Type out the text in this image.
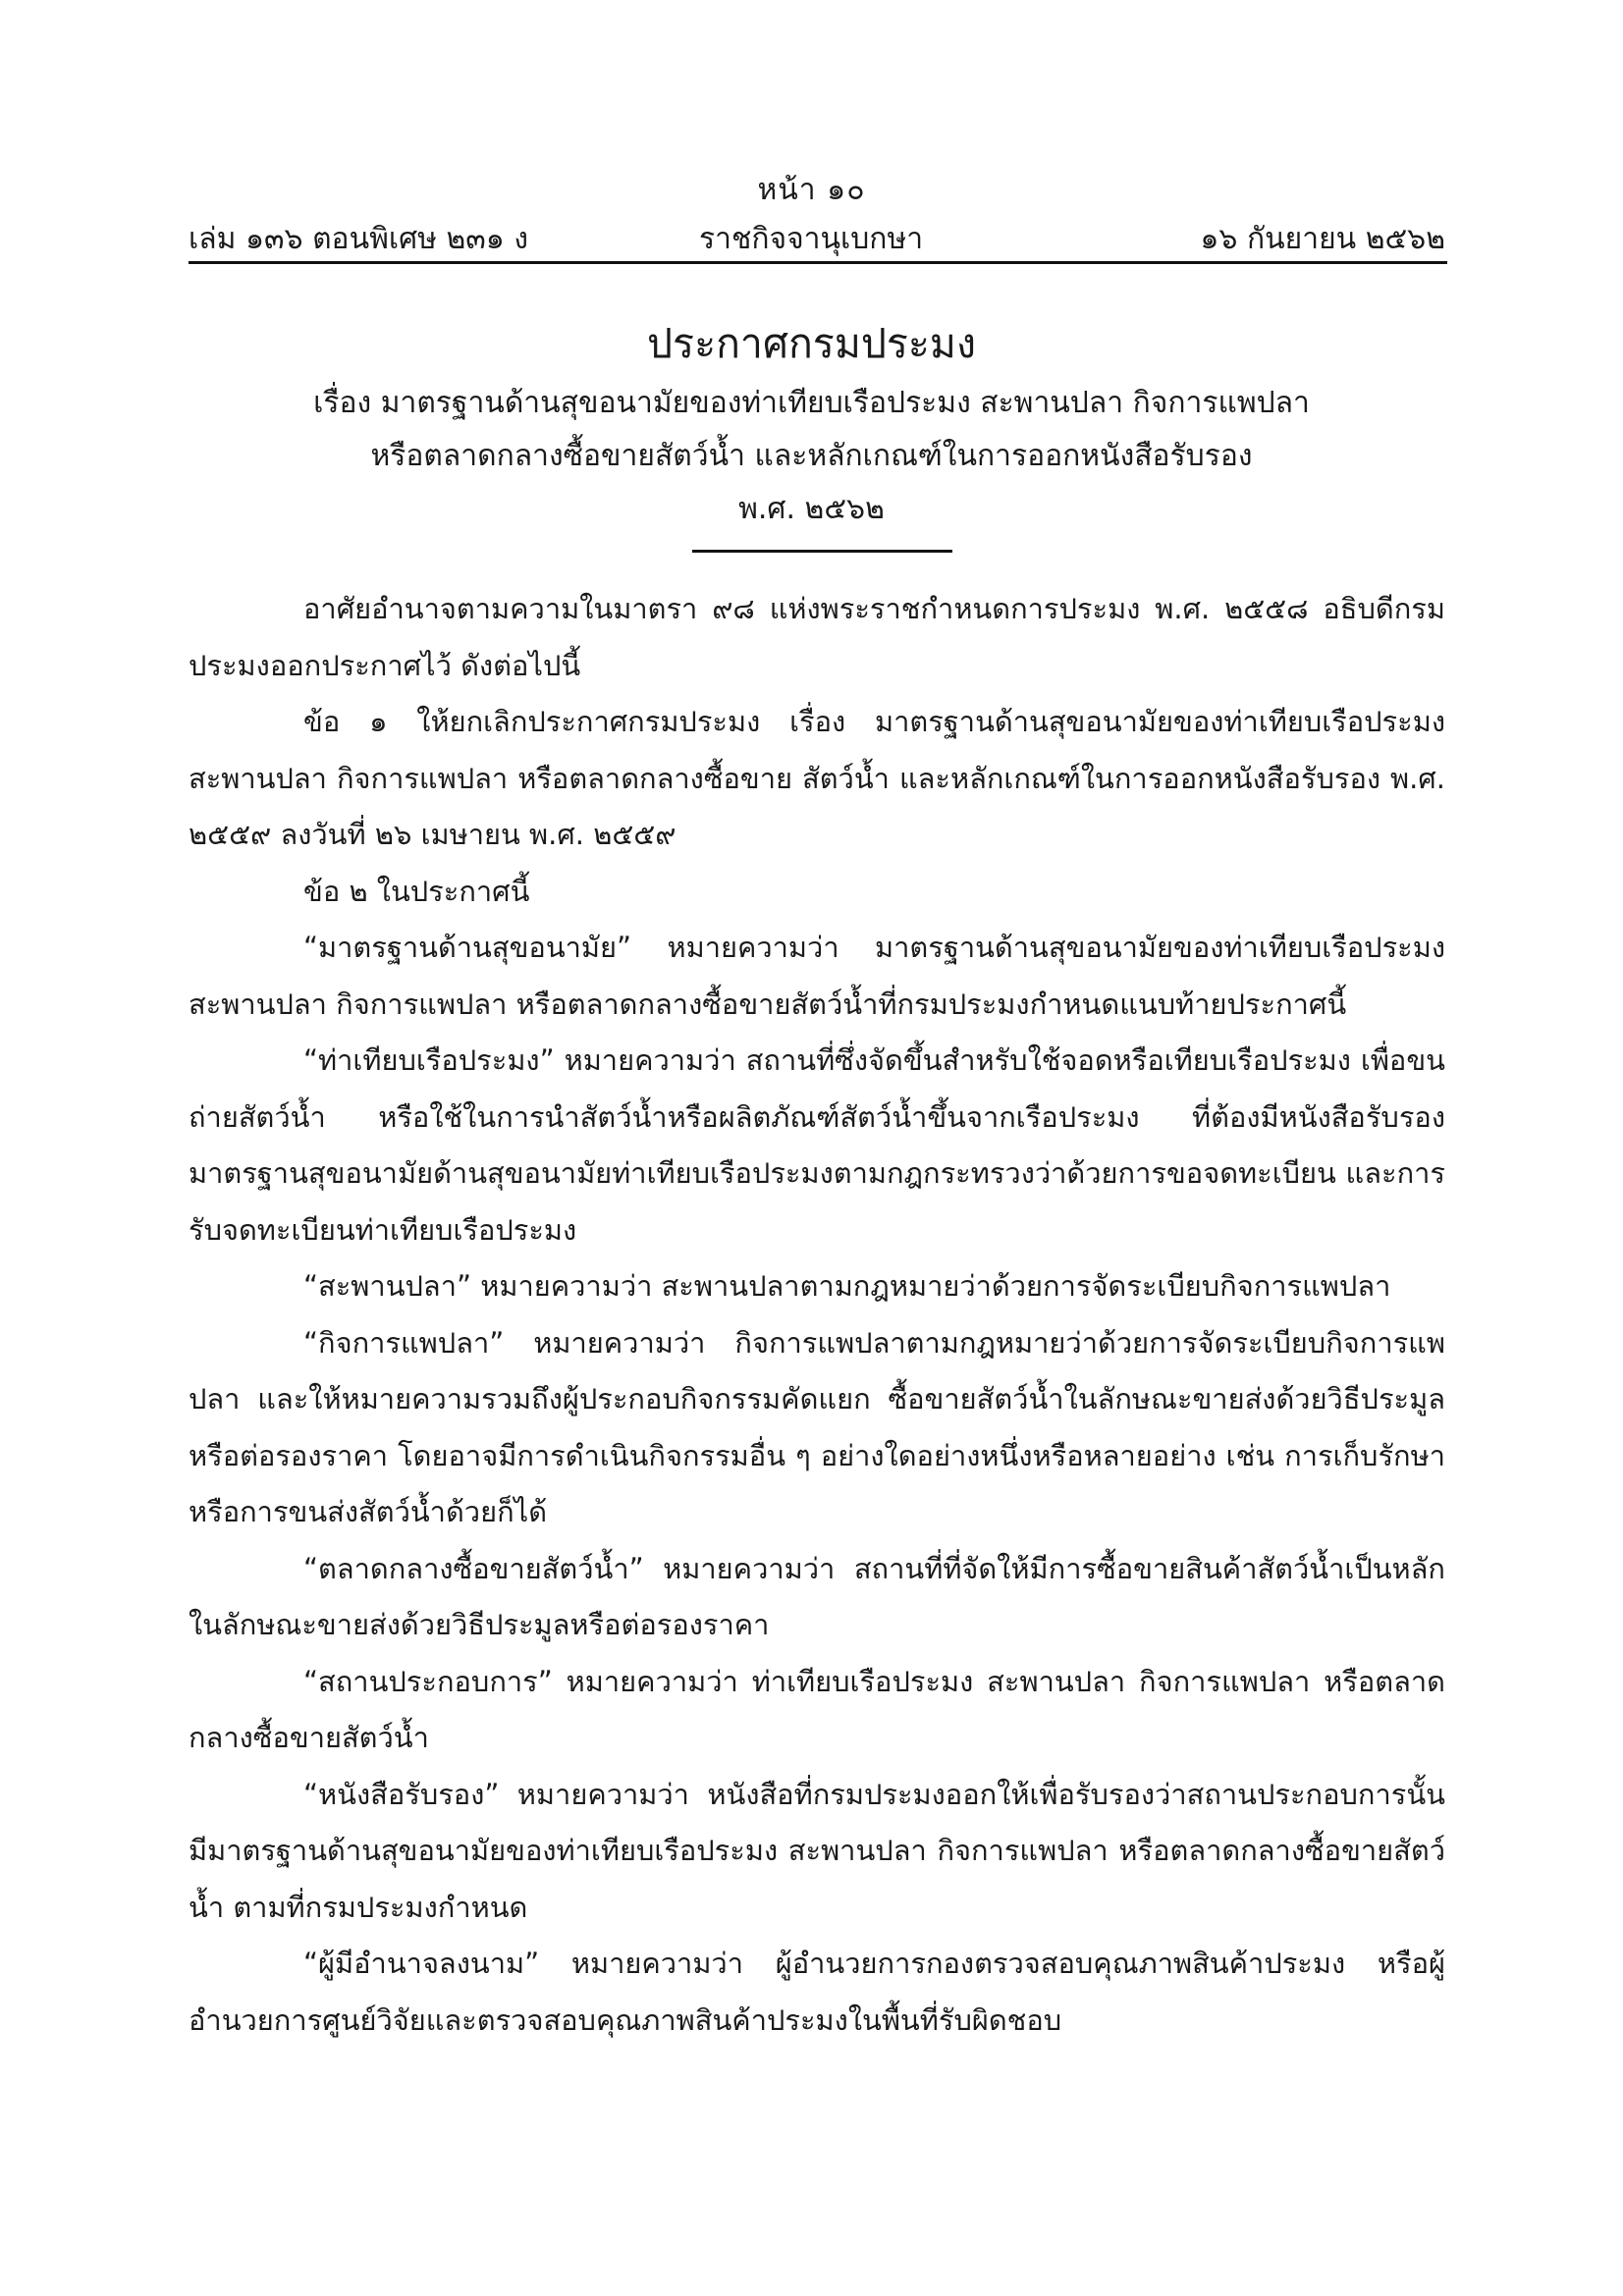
หน้า ๑๐
เล่ม ๑๓๖ ตอนพิเศษ ๒๓๑ ง	ราชกิจจานุเบกษา	๑๖ กันยายน ๒๕๖๒
ประกาศกรมประมง
เรื่อง มาตรฐานด้านสุขอนามัยของท่าเทียบเรือประมง สะพานปลา กิจการแพปลา
หรือตลาดกลางซื้อขายสัตว์น้ำ และหลักเกณฑ์ในการออกหนังสือรับรอง
พ.ศ. ๒๕๖๒

อาศัยอำนาจตามความในมาตรา ๙๘ แห่งพระราชกำหนดการประมง พ.ศ. ๒๕๕๘ อธิบดีกรมประมงออกประกาศไว้ ดังต่อไปนี้

ข้อ ๑ ให้ยกเลิกประกาศกรมประมง เรื่อง มาตรฐานด้านสุขอนามัยของท่าเทียบเรือประมง สะพานปลา กิจการแพปลา หรือตลาดกลางซื้อขาย สัตว์น้ำ และหลักเกณฑ์ในการออกหนังสือรับรอง พ.ศ. ๒๕๕๙ ลงวันที่ ๒๖ เมษายน พ.ศ. ๒๕๕๙

ข้อ ๒ ในประกาศนี้

“มาตรฐานด้านสุขอนามัย” หมายความว่า มาตรฐานด้านสุขอนามัยของท่าเทียบเรือประมง สะพานปลา กิจการแพปลา หรือตลาดกลางซื้อขายสัตว์น้ำที่กรมประมงกำหนดแนบท้ายประกาศนี้

“ท่าเทียบเรือประมง” หมายความว่า สถานที่ซึ่งจัดขึ้นสำหรับใช้จอดหรือเทียบเรือประมง เพื่อขนถ่ายสัตว์น้ำ หรือใช้ในการนำสัตว์น้ำหรือผลิตภัณฑ์สัตว์น้ำขึ้นจากเรือประมง ที่ต้องมีหนังสือรับรอง มาตรฐานสุขอนามัยด้านสุขอนามัยท่าเทียบเรือประมงตามกฎกระทรวงว่าด้วยการขอจดทะเบียน และการรับจดทะเบียนท่าเทียบเรือประมง

“สะพานปลา” หมายความว่า สะพานปลาตามกฎหมายว่าด้วยการจัดระเบียบกิจการแพปลา

“กิจการแพปลา” หมายความว่า กิจการแพปลาตามกฎหมายว่าด้วยการจัดระเบียบกิจการแพปลา และให้หมายความรวมถึงผู้ประกอบกิจกรรมคัดแยก ซื้อขายสัตว์น้ำในลักษณะขายส่งด้วยวิธีประมูล หรือต่อรองราคา โดยอาจมีการดำเนินกิจกรรมอื่น ๆ อย่างใดอย่างหนึ่งหรือหลายอย่าง เช่น การเก็บรักษา หรือการขนส่งสัตว์น้ำด้วยก็ได้

“ตลาดกลางซื้อขายสัตว์น้ำ” หมายความว่า สถานที่ที่จัดให้มีการซื้อขายสินค้าสัตว์น้ำเป็นหลัก ในลักษณะขายส่งด้วยวิธีประมูลหรือต่อรองราคา

“สถานประกอบการ” หมายความว่า ท่าเทียบเรือประมง สะพานปลา กิจการแพปลา หรือตลาดกลางซื้อขายสัตว์น้ำ

“หนังสือรับรอง” หมายความว่า หนังสือที่กรมประมงออกให้เพื่อรับรองว่าสถานประกอบการนั้น มีมาตรฐานด้านสุขอนามัยของท่าเทียบเรือประมง สะพานปลา กิจการแพปลา หรือตลาดกลางซื้อขายสัตว์น้ำ ตามที่กรมประมงกำหนด

“ผู้มีอำนาจลงนาม” หมายความว่า ผู้อำนวยการกองตรวจสอบคุณภาพสินค้าประมง หรือผู้อำนวยการศูนย์วิจัยและตรวจสอบคุณภาพสินค้าประมงในพื้นที่รับผิดชอบ
